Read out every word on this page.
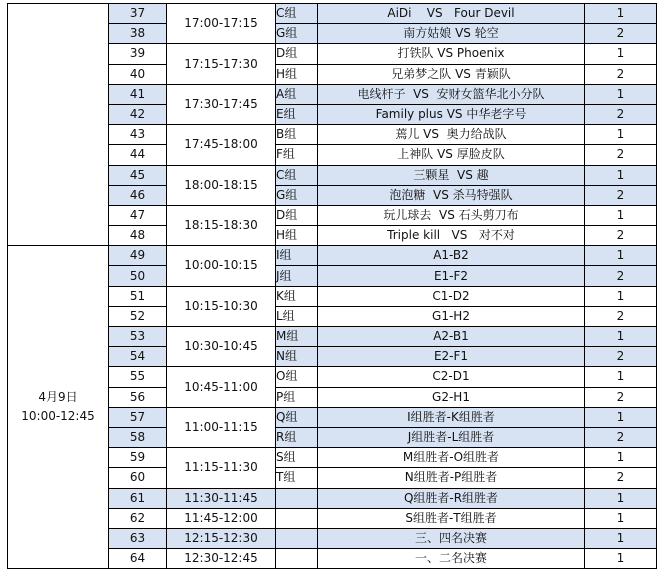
	37	17:00-17:15	C组	AiDi    VS   Four Devil	1
	38		G组	南方姑娘 VS 轮空	2
	39	17:15-17:30	D组	打铁队 VS Phoenix	1
	40		H组	兄弟梦之队 VS 青颖队	2
	41	17:30-17:45	A组	电线杆子  VS  安财女篮华北小分队	1
	42		E组	Family plus VS 中华老字号	2
	43	17:45-18:00	B组	蔫儿 VS  奥力给战队	1
	44		F组	上神队 VS 厚脸皮队	2
	45	18:00-18:15	C组	三颗星  VS 趣	1
	46		G组	泡泡糖  VS 杀马特强队	2
	47	18:15-18:30	D组	玩儿球去  VS 石头剪刀布	1
	48		H组	Triple kill   VS   对不对	2

4月9日
10:00-12:45	49	10:00-10:15	I组	A1-B2	1
	50		J组	E1-F2	2
	51	10:15-10:30	K组	C1-D2	1
	52		L组	G1-H2	2
	53	10:30-10:45	M组	A2-B1	1
	54		N组	E2-F1	2
	55	10:45-11:00	O组	C2-D1	1
	56		P组	G2-H1	2
	57	11:00-11:15	Q组	I组胜者-K组胜者	1
	58		R组	J组胜者-L组胜者	2
	59	11:15-11:30	S组	M组胜者-O组胜者	1
	60		T组	N组胜者-P组胜者	2
	61	11:30-11:45		Q组胜者-R组胜者	1
	62	11:45-12:00		S组胜者-T组胜者	1
	63	12:15-12:30		三、四名决赛	1
	64	12:30-12:45		一、二名决赛	1
